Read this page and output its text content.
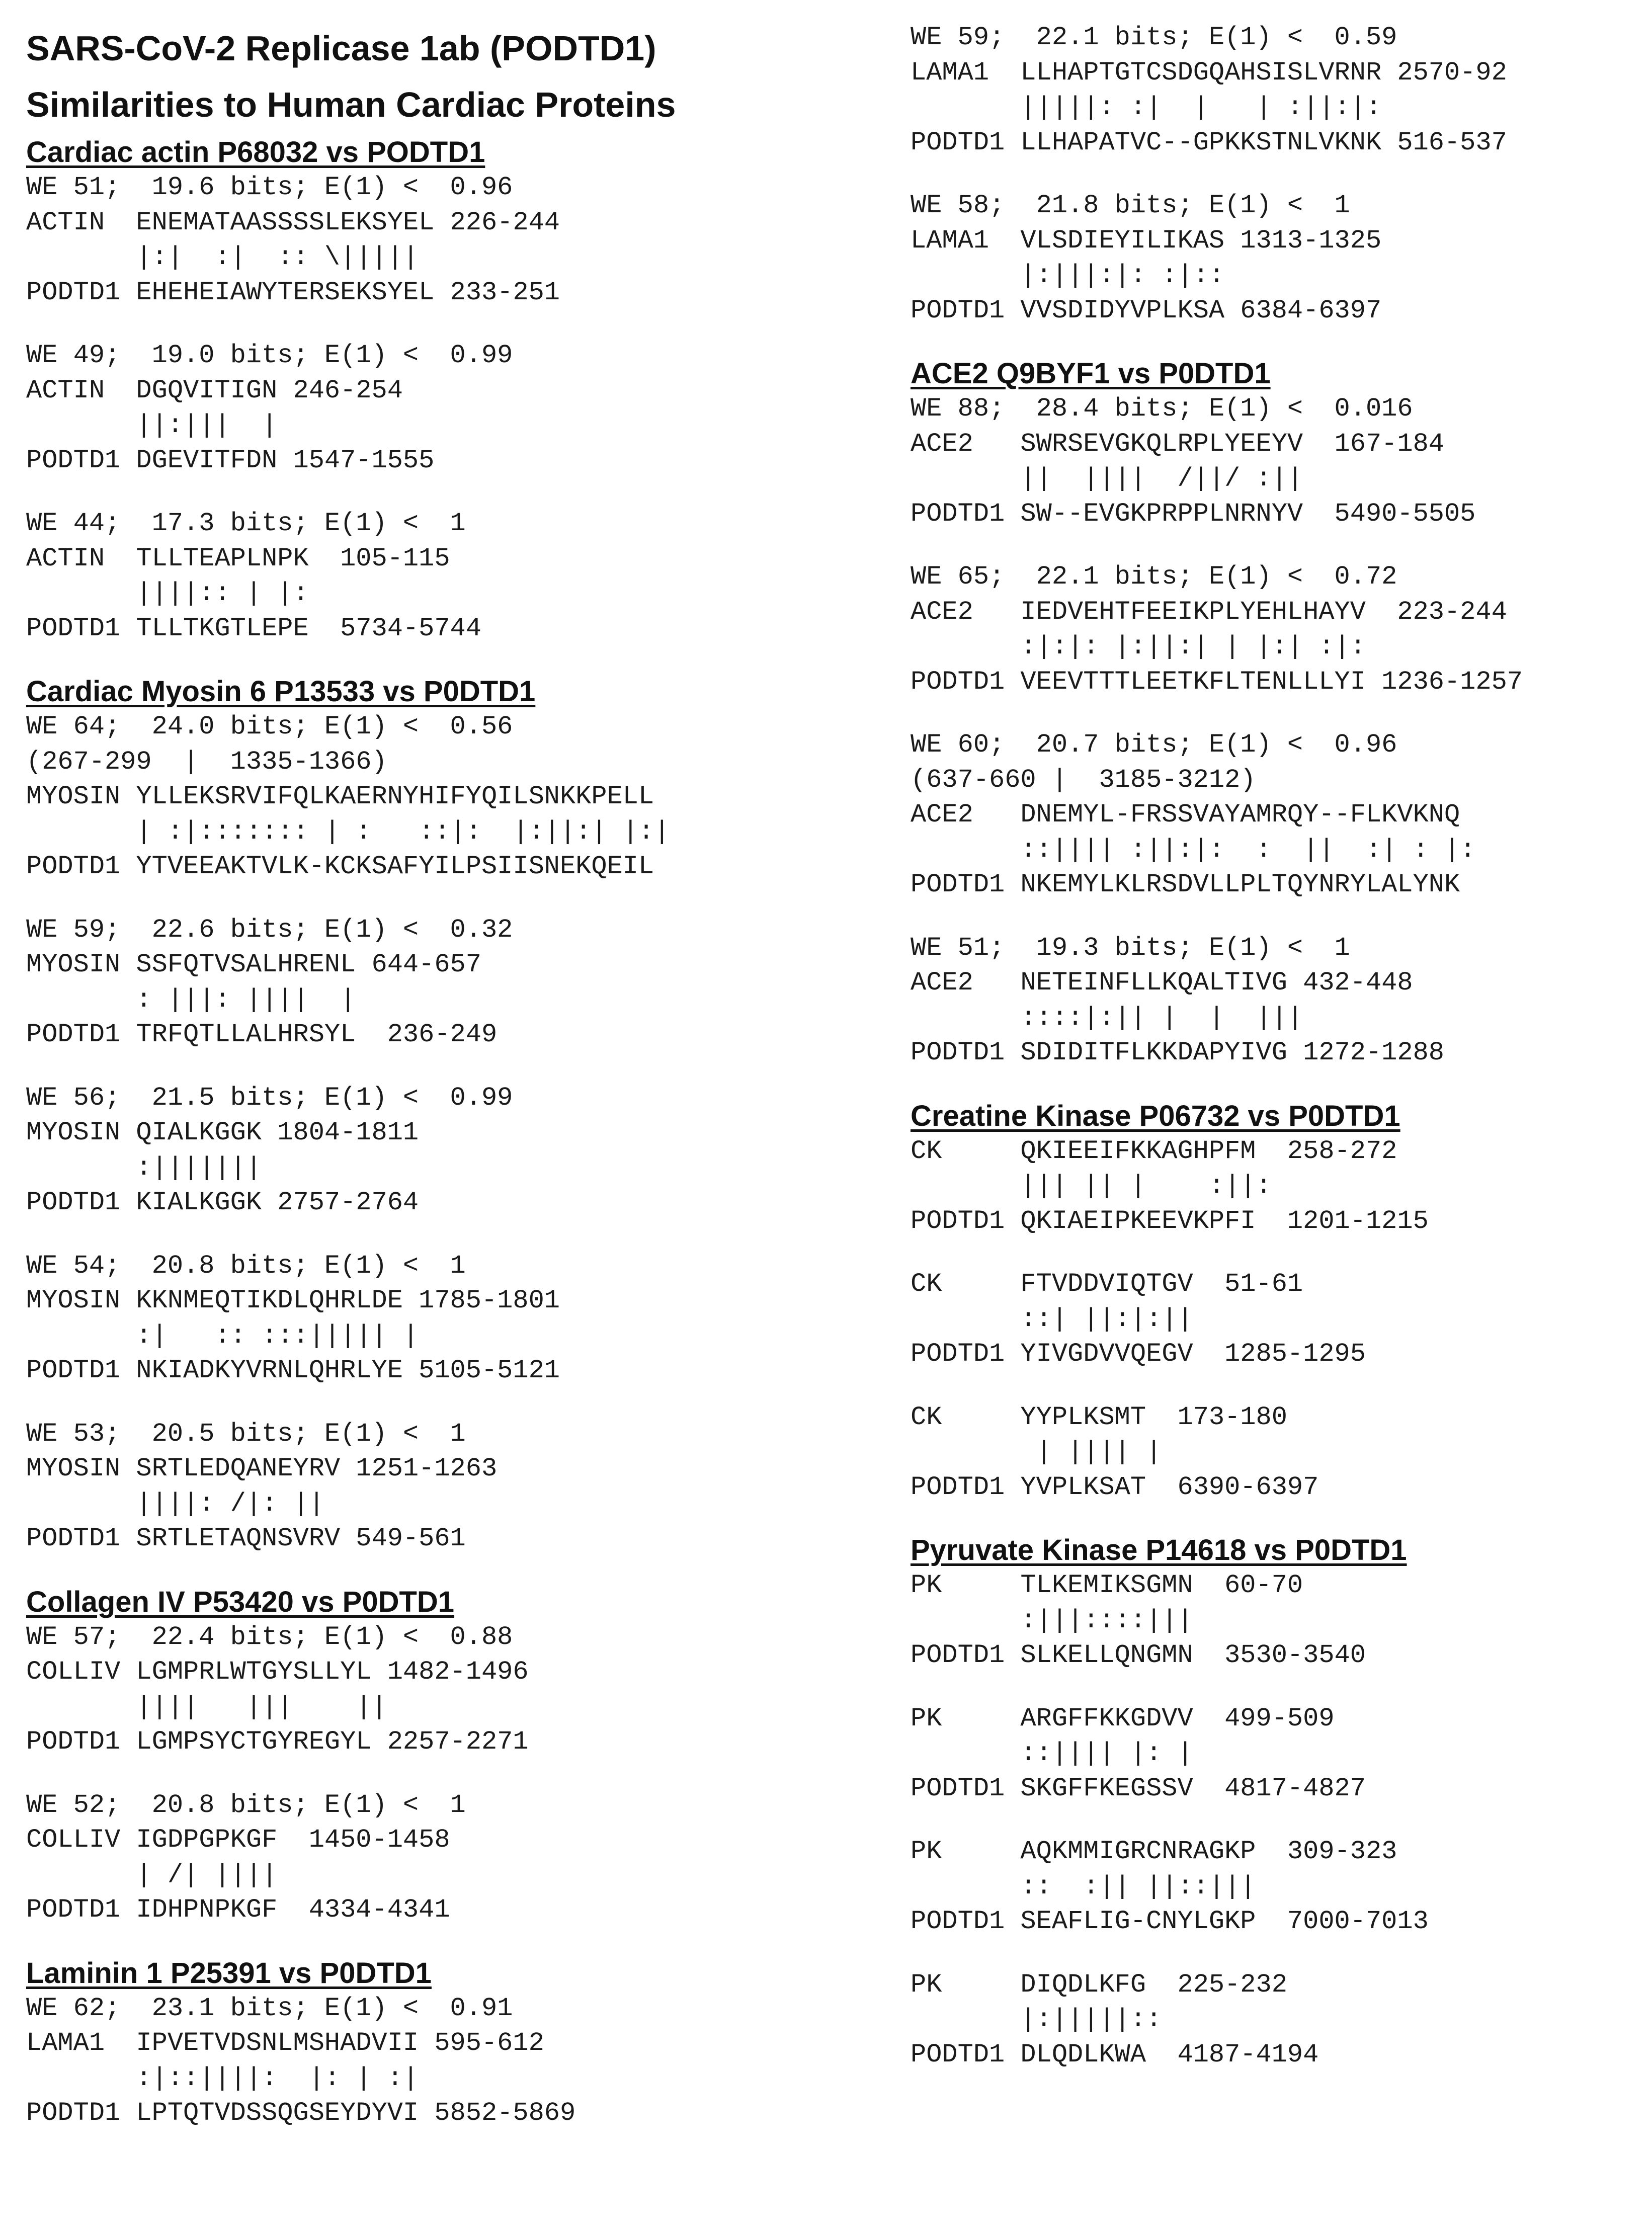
SARS-CoV-2 Replicase 1ab (PODTD1)
Similarities to Human Cardiac Proteins
Cardiac actin P68032 vs PODTD1
WE 51;  19.6 bits; E(1) <  0.96
ACTIN  ENEMATAASSSSLEKSYEL 226-244
|:|  :|  :: \|||||
PODTD1 EHEHEIAWYTERSEKSYEL 233-251
WE 49;  19.0 bits; E(1) <  0.99
ACTIN  DGQVITIGN 246-254
||:|||  |
PODTD1 DGEVITFDN 1547-1555
WE 44;  17.3 bits; E(1) <  1
ACTIN  TLLTEAPLNPK  105-115
||||:: | |:
PODTD1 TLLTKGTLEPE  5734-5744
Cardiac Myosin 6 P13533 vs P0DTD1
WE 64;  24.0 bits; E(1) <  0.56
(267-299  |  1335-1366)
MYOSIN YLLEKSRVIFQLKAERNYHIFYQILSNKKPELL
| :|::::::: | :   ::|:  |:||:| |:|
PODTD1 YTVEEAKTVLK-KCKSAFYILPSIISNEKQEIL
WE 59;  22.6 bits; E(1) <  0.32
MYOSIN SSFQTVSALHRENL 644-657
: |||: ||||  |
PODTD1 TRFQTLLALHRSYL  236-249
WE 56;  21.5 bits; E(1) <  0.99
MYOSIN QIALKGGK 1804-1811
:|||||||
PODTD1 KIALKGGK 2757-2764
WE 54;  20.8 bits; E(1) <  1
MYOSIN KKNMEQTIKDLQHRLDE 1785-1801
:|   :: :::||||| |
PODTD1 NKIADKYVRNLQHRLYE 5105-5121
WE 53;  20.5 bits; E(1) <  1
MYOSIN SRTLEDQANEYRV 1251-1263
||||: /|: ||
PODTD1 SRTLETAQNSVRV 549-561
Collagen IV P53420 vs P0DTD1
WE 57;  22.4 bits; E(1) <  0.88
COLLIV LGMPRLWTGYSLLYL 1482-1496
||||   |||    ||
PODTD1 LGMPSYCTGYREGYL 2257-2271
WE 52;  20.8 bits; E(1) <  1
COLLIV IGDPGPKGF  1450-1458
| /| ||||
PODTD1 IDHPNPKGF  4334-4341
Laminin 1 P25391 vs P0DTD1
WE 62;  23.1 bits; E(1) <  0.91
LAMA1  IPVETVDSNLMSHADVII 595-612
:|::||||:  |: | :|
PODTD1 LPTQTVDSSQGSEYDYVI 5852-5869
WE 59;  22.1 bits; E(1) <  0.59
LAMA1  LLHAPTGTCSDGQAHSISLVRNR 2570-92
|||||: :|  |   | :||:|:
PODTD1 LLHAPATVC--GPKKSTNLVKNK 516-537
WE 58;  21.8 bits; E(1) <  1
LAMA1  VLSDIEYILIKAS 1313-1325
|:|||:|: :|::
PODTD1 VVSDIDYVPLKSA 6384-6397
ACE2 Q9BYF1 vs P0DTD1
WE 88;  28.4 bits; E(1) <  0.016
ACE2   SWRSEVGKQLRPLYEEYV  167-184
||  ||||  /||/ :||
PODTD1 SW--EVGKPRPPLNRNYV  5490-5505
WE 65;  22.1 bits; E(1) <  0.72
ACE2   IEDVEHTFEEIKPLYEHLHAYV  223-244
:|:|: |:||:| | |:| :|:
PODTD1 VEEVTTTLEETKFLTENLLLYI 1236-1257
WE 60;  20.7 bits; E(1) <  0.96
(637-660 |  3185-3212)
ACE2   DNEMYL-FRSSVAYAMRQY--FLKVKNQ
::|||| :||:|:  :  ||  :| : |:
PODTD1 NKEMYLKLRSDVLLPLTQYNRYLALYNK
WE 51;  19.3 bits; E(1) <  1
ACE2   NETEINFLLKQALTIVG 432-448
::::|:|| |  |  |||
PODTD1 SDIDITFLKKDAPYIVG 1272-1288
Creatine Kinase P06732 vs P0DTD1
CK     QKIEEIFKKAGHPFM  258-272
||| || |    :||:
PODTD1 QKIAEIPKEEVKPFI  1201-1215
CK     FTVDDVIQTGV  51-61
::| ||:|:||
PODTD1 YIVGDVVQEGV  1285-1295
CK     YYPLKSMT  173-180
| |||| |
PODTD1 YVPLKSAT  6390-6397
Pyruvate Kinase P14618 vs P0DTD1
PK     TLKEMIKSGMN  60-70
:|||::::|||
PODTD1 SLKELLQNGMN  3530-3540
PK     ARGFFKKGDVV  499-509
::|||| |: |
PODTD1 SKGFFKEGSSV  4817-4827
PK     AQKMMIGRCNRAGKP  309-323
::  :|| ||::|||
PODTD1 SEAFLIG-CNYLGKP  7000-7013
PK     DIQDLKFG  225-232
|:|||||::
PODTD1 DLQDLKWA  4187-4194
